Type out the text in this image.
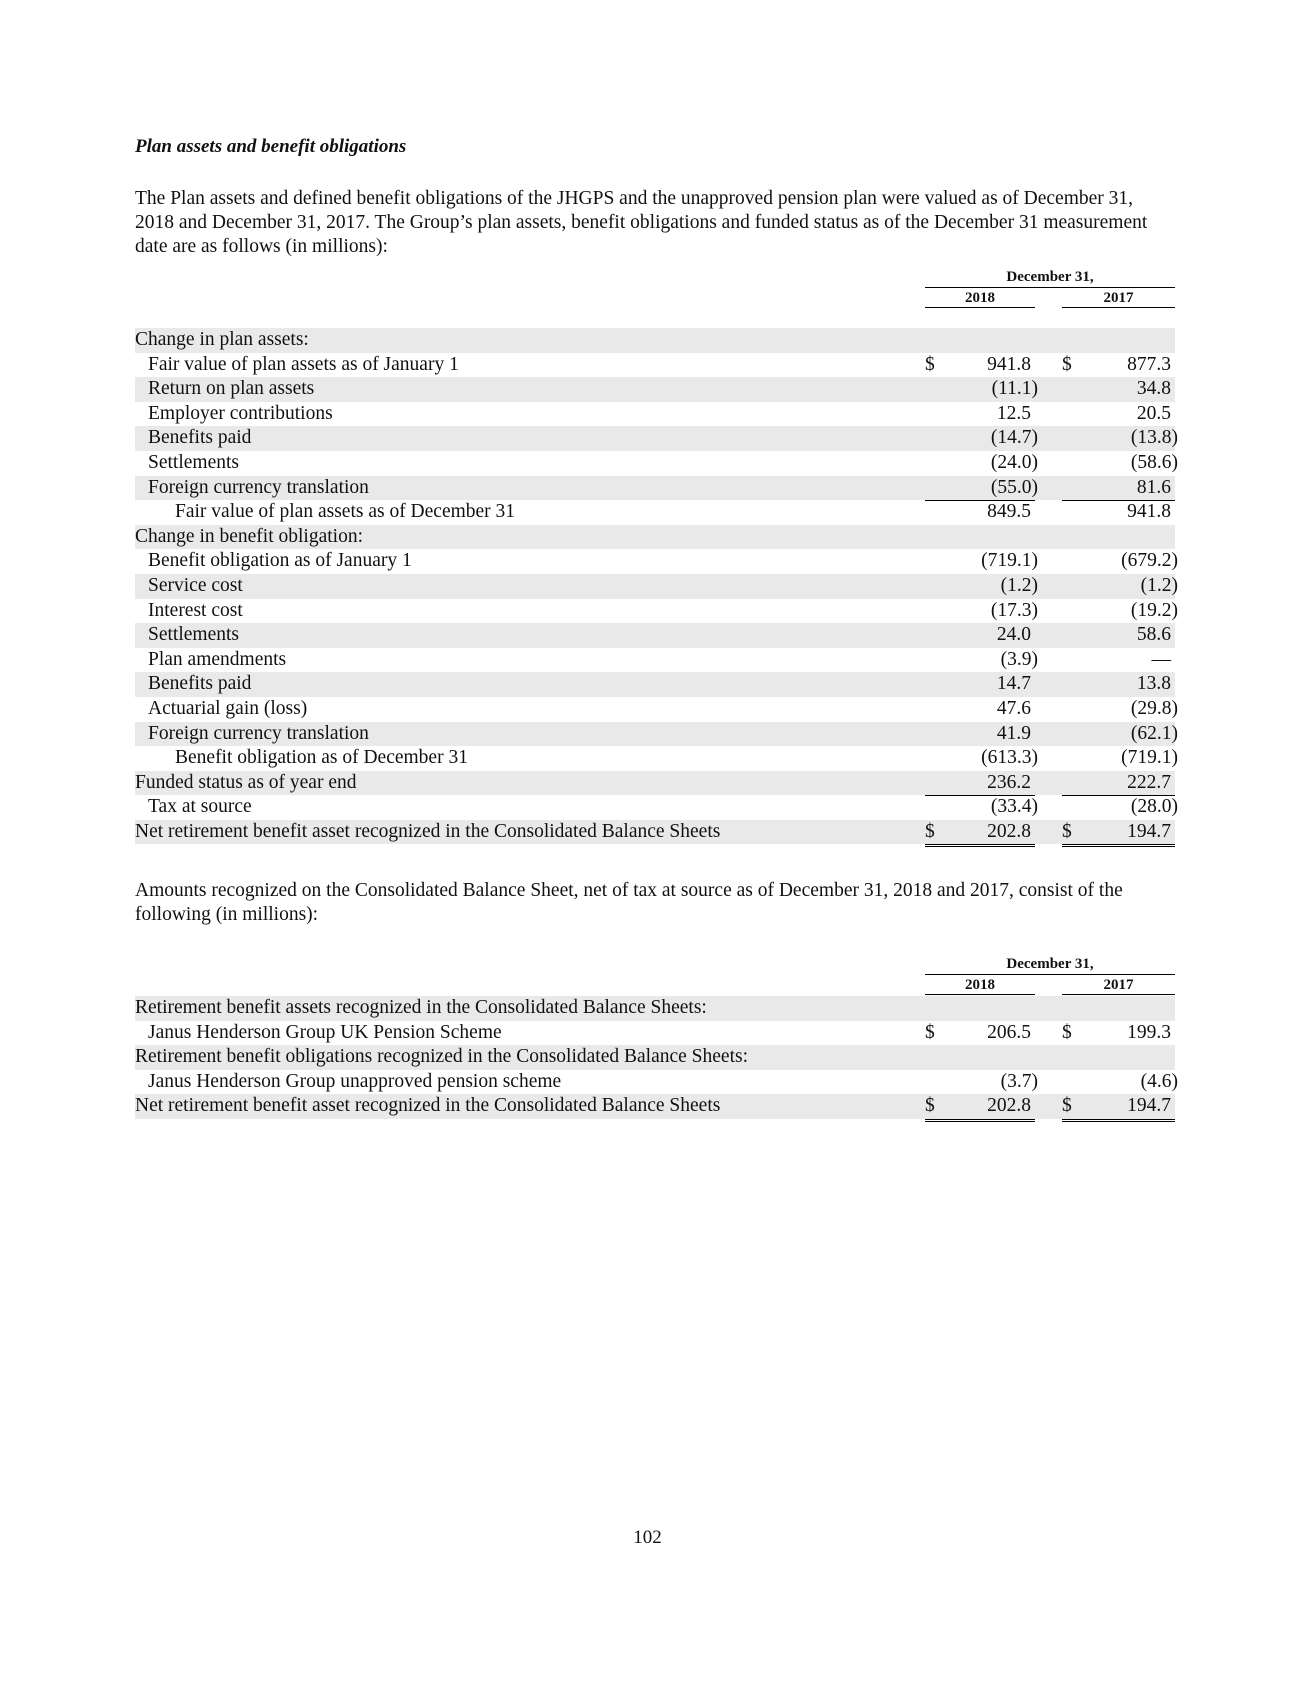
Plan assets and benefit obligations
The Plan assets and defined benefit obligations of the JHGPS and the unapproved pension plan were valued as of December 31, 2018 and December 31, 2017. The Group’s plan assets, benefit obligations and funded status as of the December 31 measurement date are as follows (in millions):
December 31,
2018	2017
Change in plan assets:
Fair value of plan assets as of January 1	$	941.8 $	877.3
Return on plan assets	(11.1)	34.8
Employer contributions	12.5	20.5
Benefits paid	(14.7)	(13.8)
Settlements	(24.0)	(58.6)
Foreign currency translation	(55.0)	81.6
Fair value of plan assets as of December 31	849.5	941.8
Change in benefit obligation:
Benefit obligation as of January 1	(719.1)	(679.2)
Service cost	(1.2)	(1.2)
Interest cost	(17.3)	(19.2)
Settlements	24.0	58.6
Plan amendments	(3.9)	—
Benefits paid	14.7	13.8
Actuarial gain (loss)	47.6	(29.8)
Foreign currency translation	41.9	(62.1)
Benefit obligation as of December 31	(613.3)	(719.1)
Funded status as of year end	236.2	222.7
Tax at source	(33.4)	(28.0)
Net retirement benefit asset recognized in the Consolidated Balance Sheets	$	202.8 $	194.7
Amounts recognized on the Consolidated Balance Sheet, net of tax at source as of December 31, 2018 and 2017, consist of the following (in millions):
December 31,
2018	2017
Retirement benefit assets recognized in the Consolidated Balance Sheets:
Janus Henderson Group UK Pension Scheme	$	206.5 $	199.3
Retirement benefit obligations recognized in the Consolidated Balance Sheets:
Janus Henderson Group unapproved pension scheme	(3.7)	(4.6)
Net retirement benefit asset recognized in the Consolidated Balance Sheets	$	202.8 $	194.7
102
